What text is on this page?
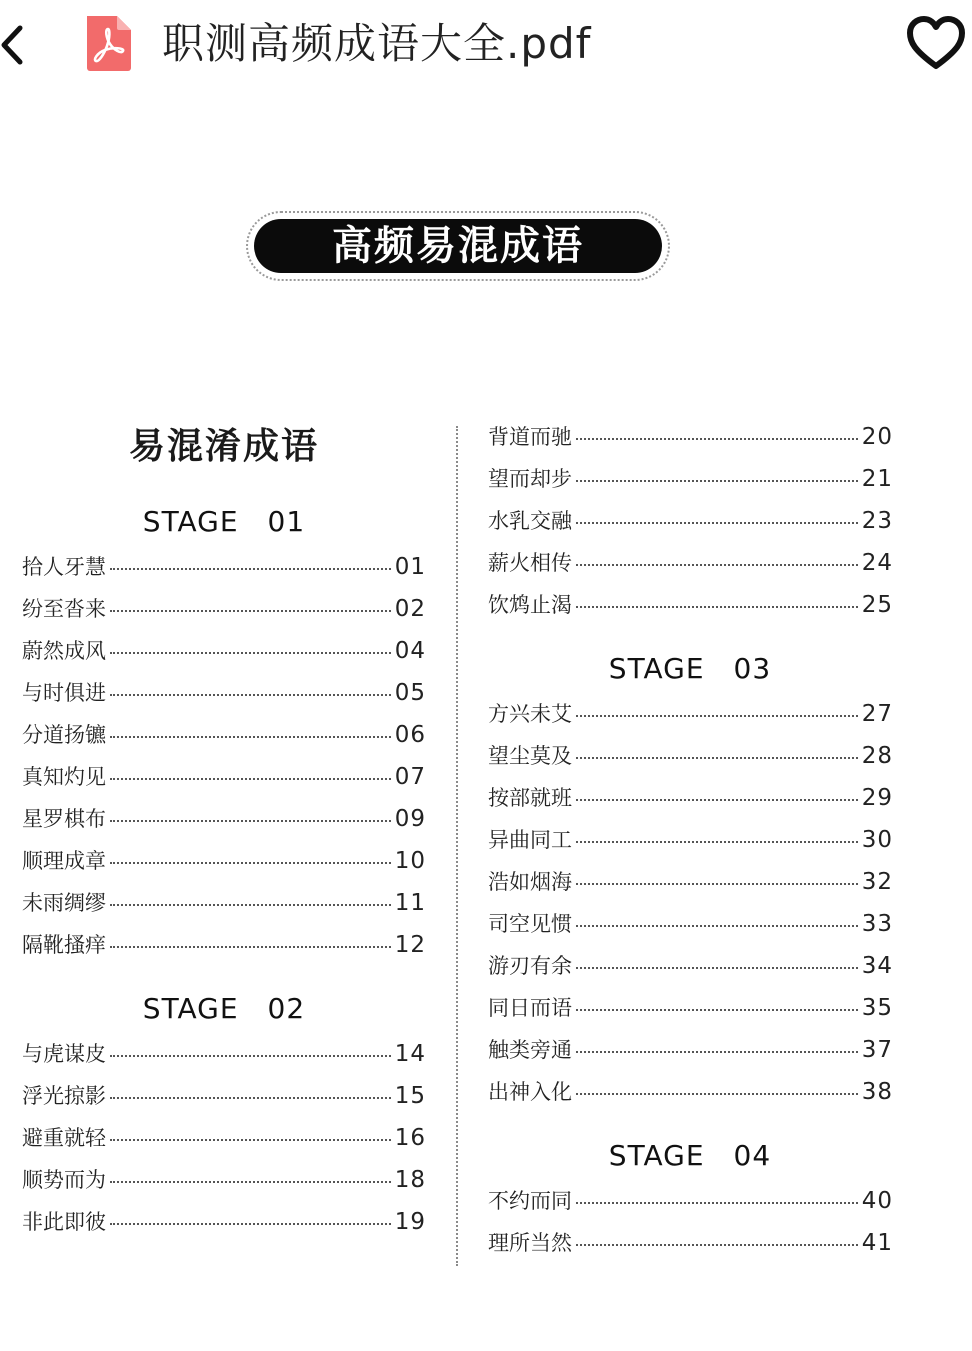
职测高频成语大全.pdf
高频易混成语
易混淆成语
STAGE　01
STAGE　02
STAGE　03
STAGE　04
拾人牙慧	01
纷至沓来	02
蔚然成风	04
与时俱进	05
分道扬镳	06
真知灼见	07
星罗棋布	09
顺理成章	10
未雨绸缪	11
隔靴搔痒	12
与虎谋皮	14
浮光掠影	15
避重就轻	16
顺势而为	18
非此即彼	19
背道而驰	20
望而却步	21
水乳交融	23
薪火相传	24
饮鸩止渴	25
方兴未艾	27
望尘莫及	28
按部就班	29
异曲同工	30
浩如烟海	32
司空见惯	33
游刃有余	34
同日而语	35
触类旁通	37
出神入化	38
不约而同	40
理所当然	41
